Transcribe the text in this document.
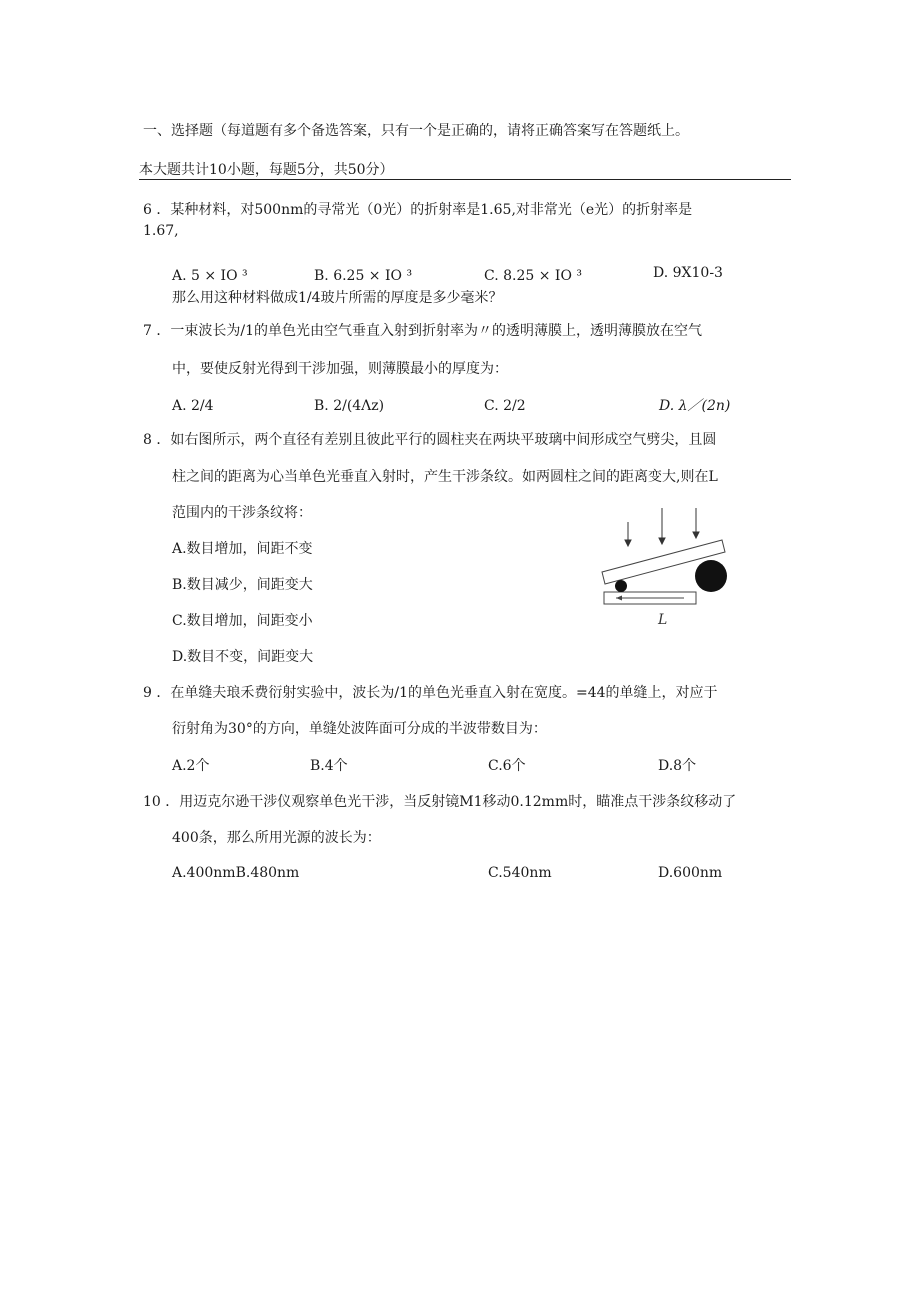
一、选择题（每道题有多个备选答案，只有一个是正确的，请将正确答案写在答题纸上。
本大题共计10小题，每题5分，共50分）
6 ．某种材料，对500nm的寻常光（0光）的折射率是1.65,对非常光（e光）的折射率是
1.67,
A. 5 × IO ³	B. 6.25 × IO ³	C. 8.25 × IO ³	D. 9X10-3
那么用这种材料做成1/4玻片所需的厚度是多少毫米？
7 ．一束波长为/1的单色光由空气垂直入射到折射率为〃的透明薄膜上，透明薄膜放在空气
中，要使反射光得到干涉加强，则薄膜最小的厚度为：
A. 2/4	B. 2/(4Λz)	C. 2/2	D. λ／(2n)
8 ．如右图所示，两个直径有差别且彼此平行的圆柱夹在两块平玻璃中间形成空气劈尖，且圆
柱之间的距离为心当单色光垂直入射时，产生干涉条纹。如两圆柱之间的距离变大,则在L
范围内的干涉条纹将：
A.数目增加，间距不变
B.数目减少，间距变大
C.数目增加，间距变小
D.数目不变，间距变大
L
9 ．在单缝夫琅禾费衍射实验中，波长为/1的单色光垂直入射在宽度。=44的单缝上，对应于
衍射角为30°的方向，单缝处波阵面可分成的半波带数目为：
A.2个	B.4个	C.6个	D.8个
10 ．用迈克尔逊干涉仪观察单色光干涉，当反射镜M1移动0.12mm时，瞄准点干涉条纹移动了
400条，那么所用光源的波长为：
A.400nmB.480nm	C.540nm	D.600nm
